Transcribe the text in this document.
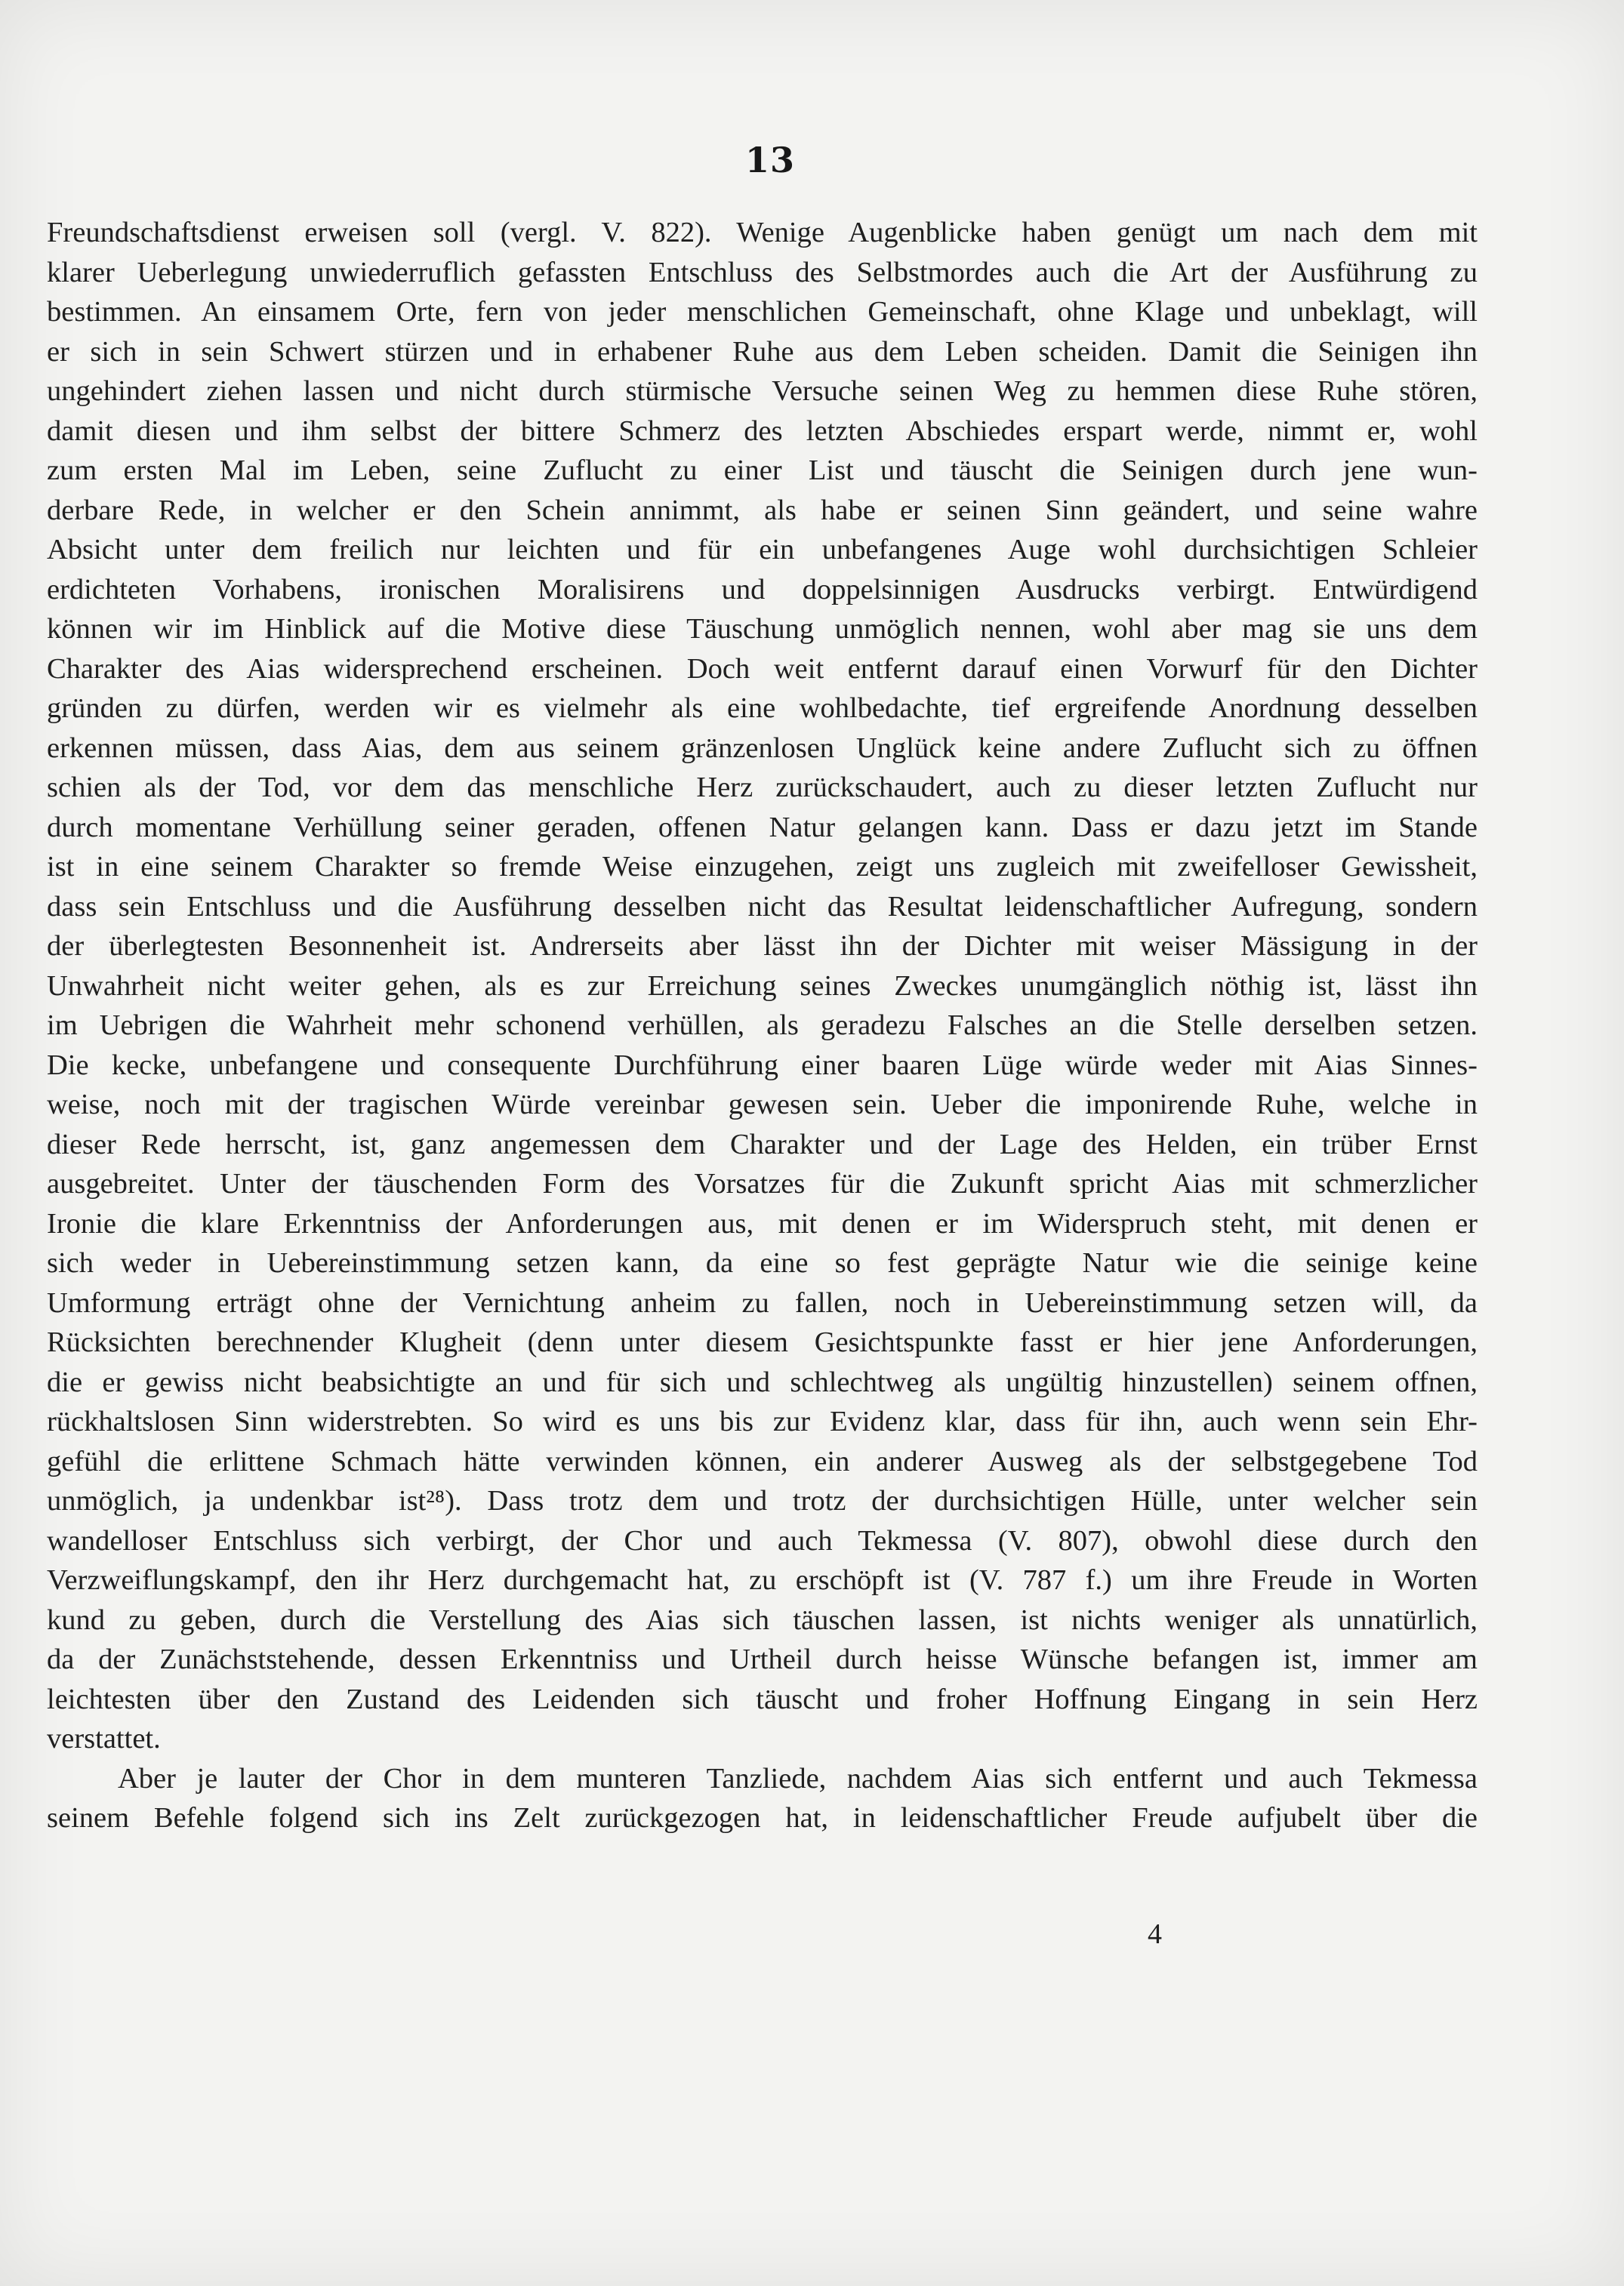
13
Freundschaftsdienst erweisen soll (vergl. V. 822). Wenige Augenblicke haben genügt um nach dem mit
klarer Ueberlegung unwiederruflich gefassten Entschluss des Selbstmordes auch die Art der Ausführung zu
bestimmen. An einsamem Orte, fern von jeder menschlichen Gemeinschaft, ohne Klage und unbeklagt, will
er sich in sein Schwert stürzen und in erhabener Ruhe aus dem Leben scheiden. Damit die Seinigen ihn
ungehindert ziehen lassen und nicht durch stürmische Versuche seinen Weg zu hemmen diese Ruhe stören,
damit diesen und ihm selbst der bittere Schmerz des letzten Abschiedes erspart werde, nimmt er, wohl
zum ersten Mal im Leben, seine Zuflucht zu einer List und täuscht die Seinigen durch jene wun-
derbare Rede, in welcher er den Schein annimmt, als habe er seinen Sinn geändert, und seine wahre
Absicht unter dem freilich nur leichten und für ein unbefangenes Auge wohl durchsichtigen Schleier
erdichteten Vorhabens, ironischen Moralisirens und doppelsinnigen Ausdrucks verbirgt. Entwürdigend
können wir im Hinblick auf die Motive diese Täuschung unmöglich nennen, wohl aber mag sie uns dem
Charakter des Aias widersprechend erscheinen. Doch weit entfernt darauf einen Vorwurf für den Dichter
gründen zu dürfen, werden wir es vielmehr als eine wohlbedachte, tief ergreifende Anordnung desselben
erkennen müssen, dass Aias, dem aus seinem gränzenlosen Unglück keine andere Zuflucht sich zu öffnen
schien als der Tod, vor dem das menschliche Herz zurückschaudert, auch zu dieser letzten Zuflucht nur
durch momentane Verhüllung seiner geraden, offenen Natur gelangen kann. Dass er dazu jetzt im Stande
ist in eine seinem Charakter so fremde Weise einzugehen, zeigt uns zugleich mit zweifelloser Gewissheit,
dass sein Entschluss und die Ausführung desselben nicht das Resultat leidenschaftlicher Aufregung, sondern
der überlegtesten Besonnenheit ist. Andrerseits aber lässt ihn der Dichter mit weiser Mässigung in der
Unwahrheit nicht weiter gehen, als es zur Erreichung seines Zweckes unumgänglich nöthig ist, lässt ihn
im Uebrigen die Wahrheit mehr schonend verhüllen, als geradezu Falsches an die Stelle derselben setzen.
Die kecke, unbefangene und consequente Durchführung einer baaren Lüge würde weder mit Aias Sinnes-
weise, noch mit der tragischen Würde vereinbar gewesen sein. Ueber die imponirende Ruhe, welche in
dieser Rede herrscht, ist, ganz angemessen dem Charakter und der Lage des Helden, ein trüber Ernst
ausgebreitet. Unter der täuschenden Form des Vorsatzes für die Zukunft spricht Aias mit schmerzlicher
Ironie die klare Erkenntniss der Anforderungen aus, mit denen er im Widerspruch steht, mit denen er
sich weder in Uebereinstimmung setzen kann, da eine so fest geprägte Natur wie die seinige keine
Umformung erträgt ohne der Vernichtung anheim zu fallen, noch in Uebereinstimmung setzen will, da
Rücksichten berechnender Klugheit (denn unter diesem Gesichtspunkte fasst er hier jene Anforderungen,
die er gewiss nicht beabsichtigte an und für sich und schlechtweg als ungültig hinzustellen) seinem offnen,
rückhaltslosen Sinn widerstrebten. So wird es uns bis zur Evidenz klar, dass für ihn, auch wenn sein Ehr-
gefühl die erlittene Schmach hätte verwinden können, ein anderer Ausweg als der selbstgegebene Tod
unmöglich, ja undenkbar ist²⁸). Dass trotz dem und trotz der durchsichtigen Hülle, unter welcher sein
wandelloser Entschluss sich verbirgt, der Chor und auch Tekmessa (V. 807), obwohl diese durch den
Verzweiflungskampf, den ihr Herz durchgemacht hat, zu erschöpft ist (V. 787 f.) um ihre Freude in Worten
kund zu geben, durch die Verstellung des Aias sich täuschen lassen, ist nichts weniger als unnatürlich,
da der Zunächststehende, dessen Erkenntniss und Urtheil durch heisse Wünsche befangen ist, immer am
leichtesten über den Zustand des Leidenden sich täuscht und froher Hoffnung Eingang in sein Herz
verstattet.
Aber je lauter der Chor in dem munteren Tanzliede, nachdem Aias sich entfernt und auch Tekmessa
seinem Befehle folgend sich ins Zelt zurückgezogen hat, in leidenschaftlicher Freude aufjubelt über die
4
